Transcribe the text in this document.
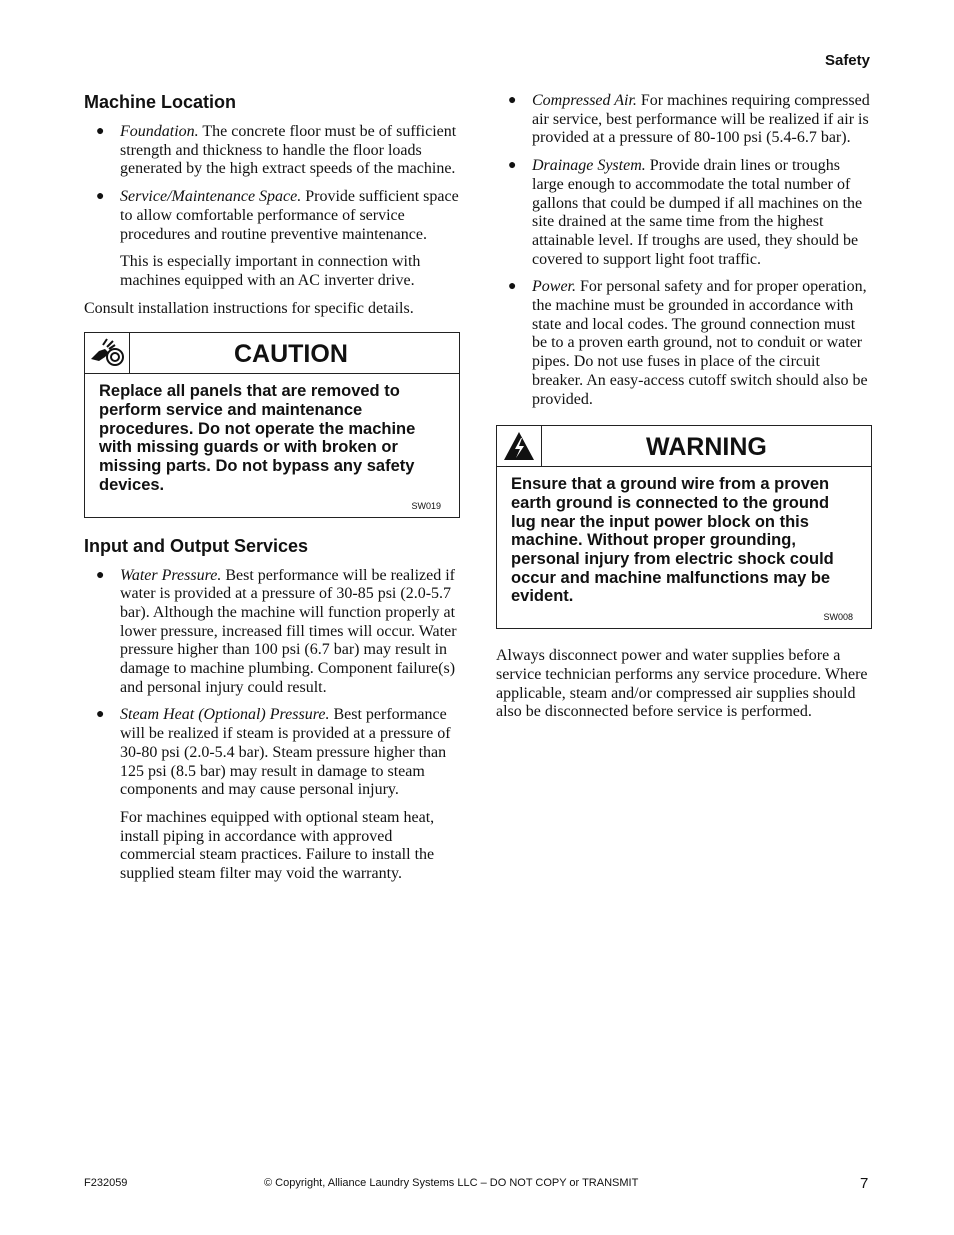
Safety
Machine Location
● Foundation. The concrete floor must be of sufficient strength and thickness to handle the floor loads generated by the high extract speeds of the machine.
● Service/Maintenance Space. Provide sufficient space to allow comfortable performance of service procedures and routine preventive maintenance.
This is especially important in connection with machines equipped with an AC inverter drive.
Consult installation instructions for specific details.
CAUTION
Replace all panels that are removed to perform service and maintenance procedures. Do not operate the machine with missing guards or with broken or missing parts. Do not bypass any safety devices.
SW019
Input and Output Services
● Water Pressure. Best performance will be realized if water is provided at a pressure of 30-85 psi (2.0-5.7 bar). Although the machine will function properly at lower pressure, increased fill times will occur. Water pressure higher than 100 psi (6.7 bar) may result in damage to machine plumbing. Component failure(s) and personal injury could result.
● Steam Heat (Optional) Pressure. Best performance will be realized if steam is provided at a pressure of 30-80 psi (2.0-5.4 bar). Steam pressure higher than 125 psi (8.5 bar) may result in damage to steam components and may cause personal injury.
For machines equipped with optional steam heat, install piping in accordance with approved commercial steam practices. Failure to install the supplied steam filter may void the warranty.
● Compressed Air. For machines requiring compressed air service, best performance will be realized if air is provided at a pressure of 80-100 psi (5.4-6.7 bar).
● Drainage System. Provide drain lines or troughs large enough to accommodate the total number of gallons that could be dumped if all machines on the site drained at the same time from the highest attainable level. If troughs are used, they should be covered to support light foot traffic.
● Power. For personal safety and for proper operation, the machine must be grounded in accordance with state and local codes. The ground connection must be to a proven earth ground, not to conduit or water pipes. Do not use fuses in place of the circuit breaker. An easy-access cutoff switch should also be provided.
WARNING
Ensure that a ground wire from a proven earth ground is connected to the ground lug near the input power block on this machine. Without proper grounding, personal injury from electric shock could occur and machine malfunctions may be evident.
SW008
Always disconnect power and water supplies before a service technician performs any service procedure. Where applicable, steam and/or compressed air supplies should also be disconnected before service is performed.
F232059	© Copyright, Alliance Laundry Systems LLC – DO NOT COPY or TRANSMIT	7
